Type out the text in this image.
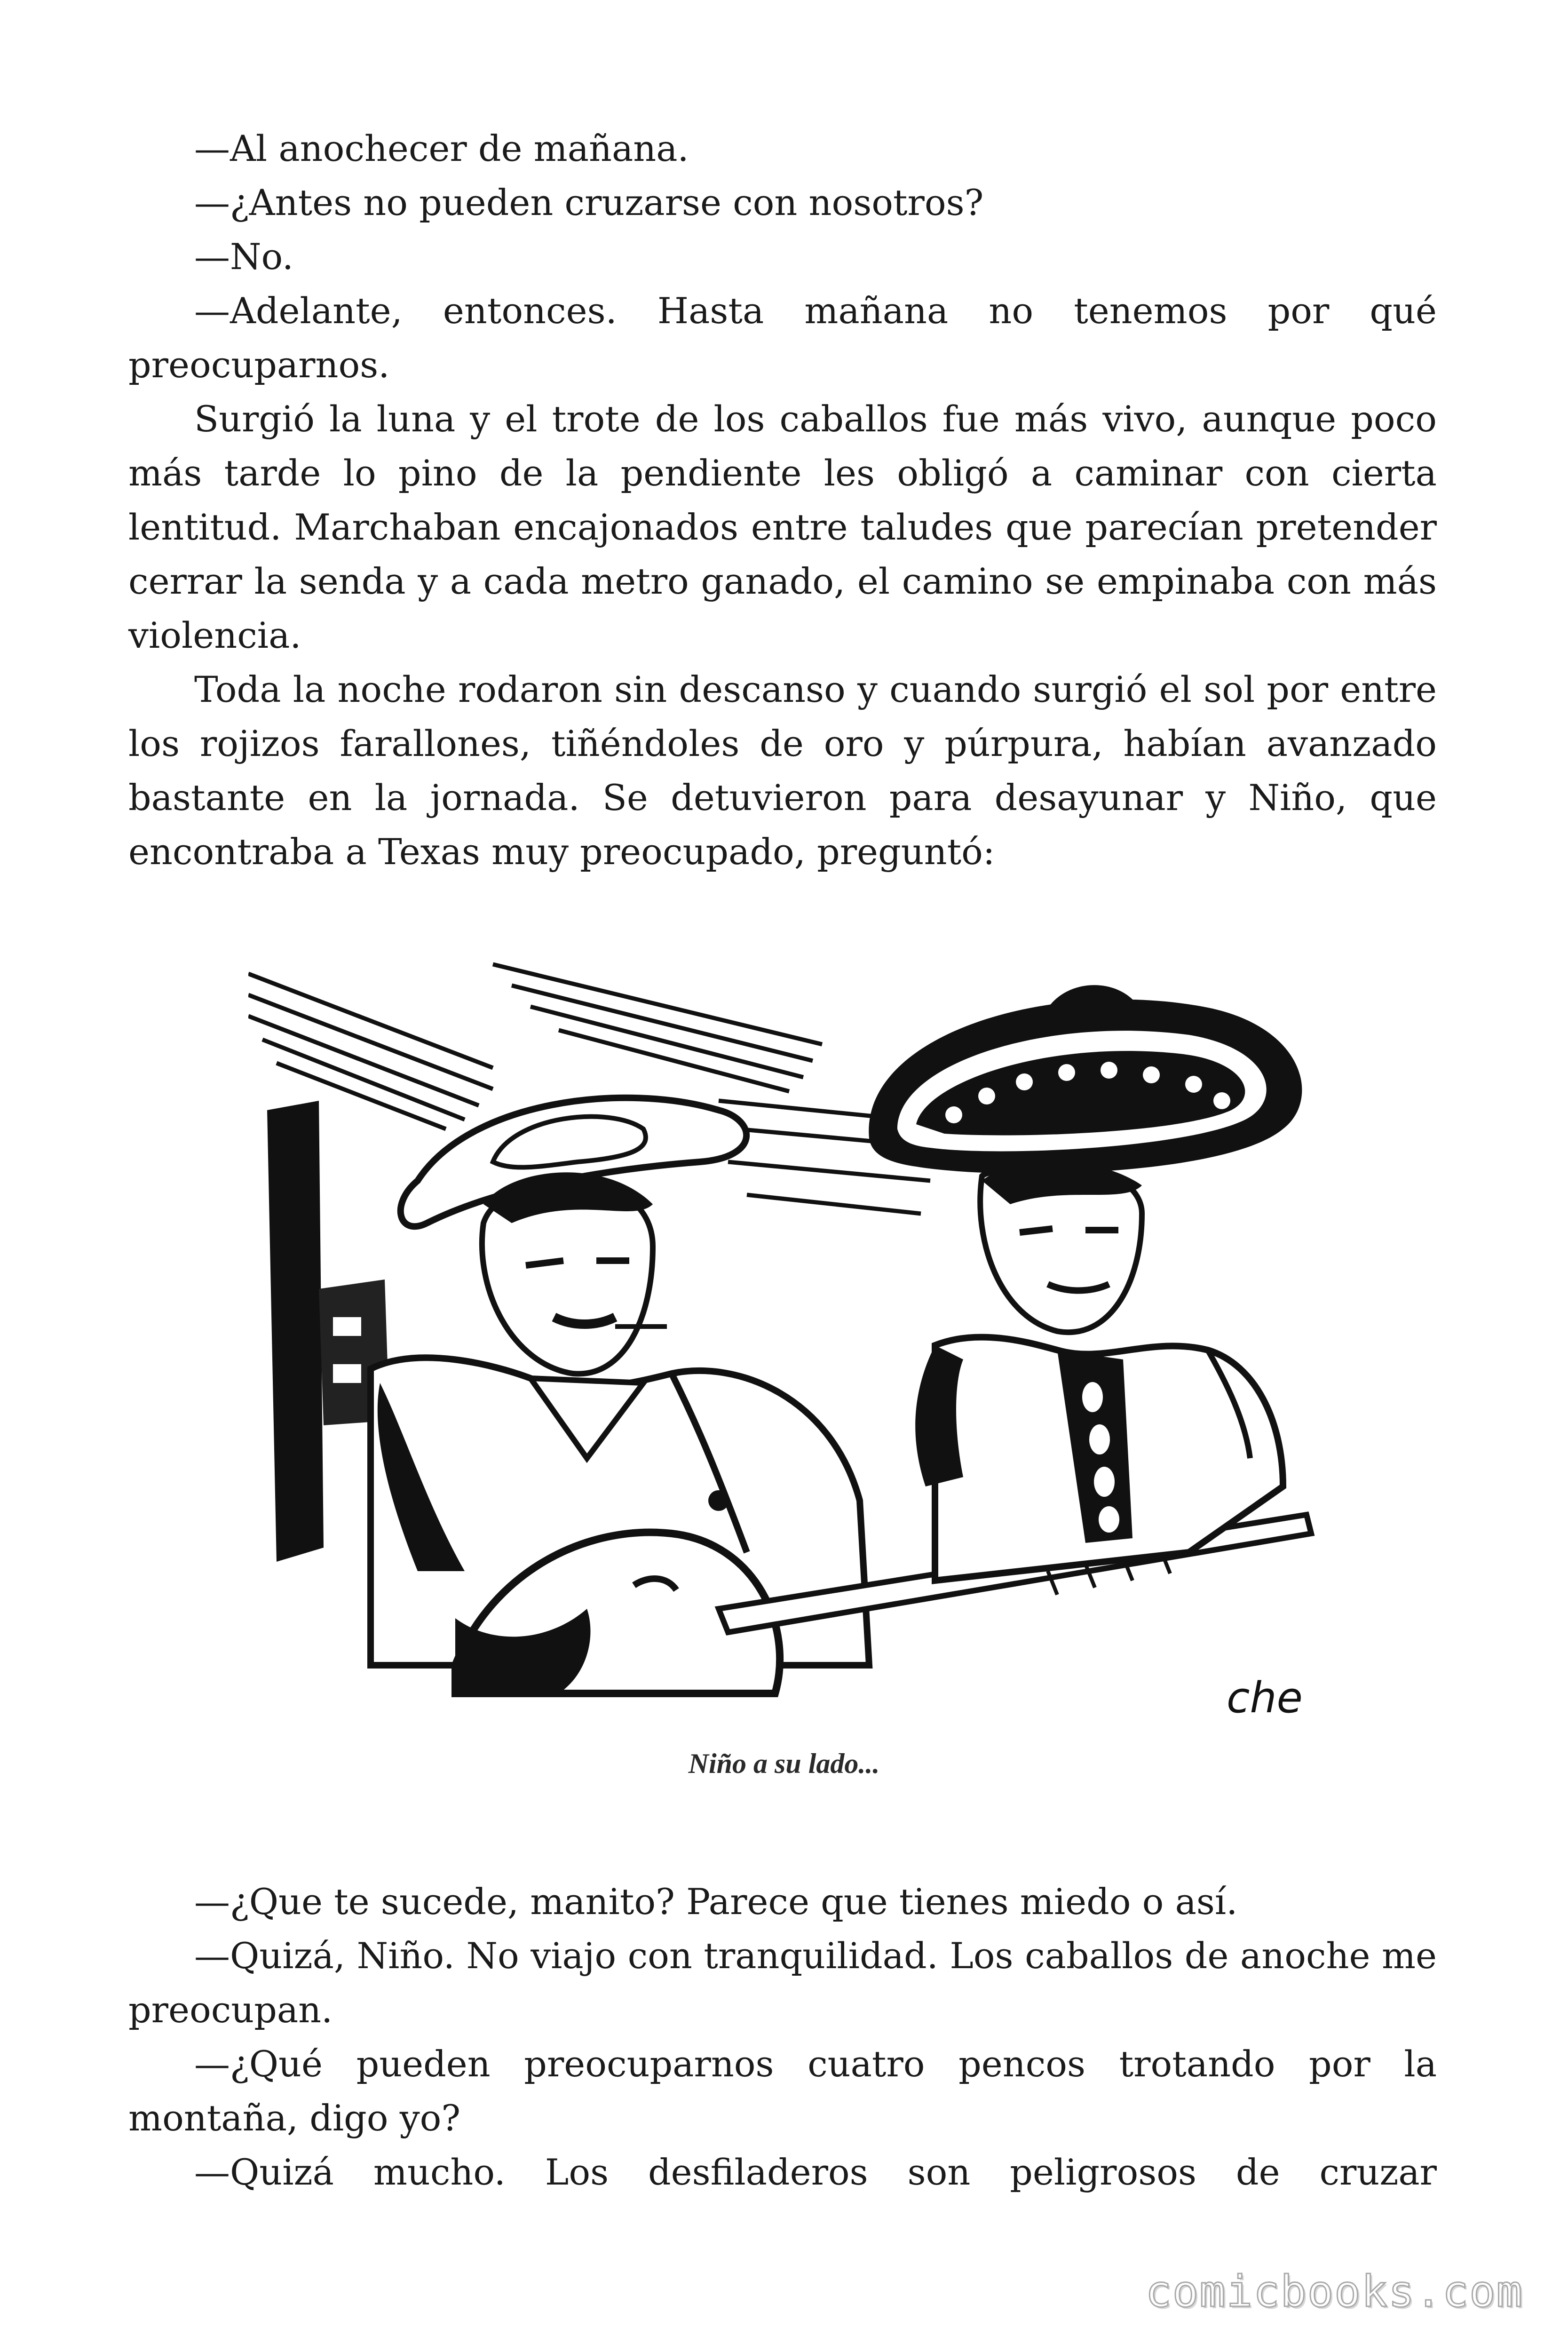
—Al anochecer de mañana.

—¿Antes no pueden cruzarse con nosotros?

—No.

—Adelante, entonces. Hasta mañana no tenemos por qué preocuparnos.

Surgió la luna y el trote de los caballos fue más vivo, aunque poco más tarde lo pino de la pendiente les obligó a caminar con cierta lentitud. Marchaban encajonados entre taludes que parecían pretender cerrar la senda y a cada metro ganado, el camino se empinaba con más violencia.

Toda la noche rodaron sin descanso y cuando surgió el sol por entre los rojizos farallones, tiñéndoles de oro y púrpura, habían avanzado bastante en la jornada. Se detuvieron para desayunar y Niño, que encontraba a Texas muy preocupado, preguntó:

che
Niño a su lado...

—¿Que te sucede, manito? Parece que tienes miedo o así.

—Quizá, Niño. No viajo con tranquilidad. Los caballos de anoche me preocupan.

—¿Qué pueden preocuparnos cuatro pencos trotando por la montaña, digo yo?

—Quizá mucho. Los desfiladeros son peligrosos de cruzar

comicbooks.com
